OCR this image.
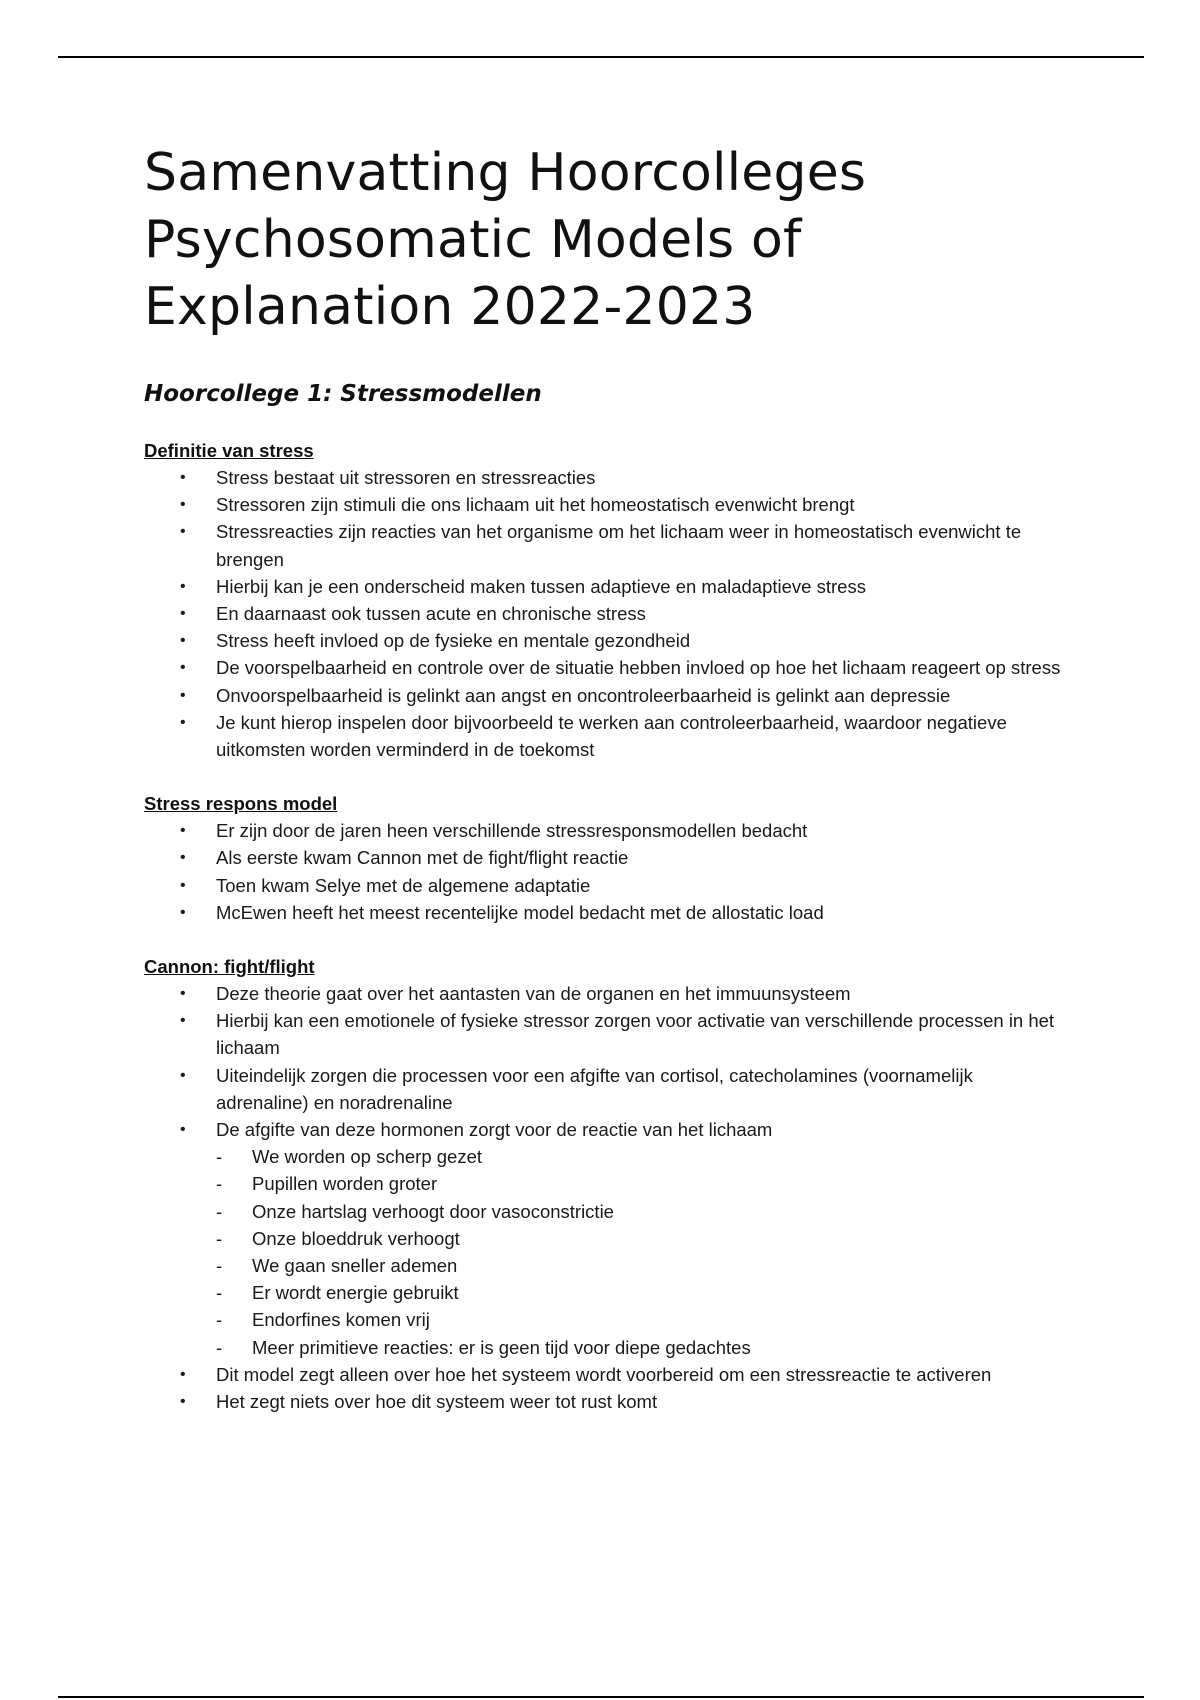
Samenvatting Hoorcolleges Psychosomatic Models of Explanation 2022-2023
Hoorcollege 1: Stressmodellen

Definitie van stress

• Stress bestaat uit stressoren en stressreacties
• Stressoren zijn stimuli die ons lichaam uit het homeostatisch evenwicht brengt
• Stressreacties zijn reacties van het organisme om het lichaam weer in homeostatisch evenwicht te brengen
• Hierbij kan je een onderscheid maken tussen adaptieve en maladaptieve stress
• En daarnaast ook tussen acute en chronische stress
• Stress heeft invloed op de fysieke en mentale gezondheid
• De voorspelbaarheid en controle over de situatie hebben invloed op hoe het lichaam reageert op stress
• Onvoorspelbaarheid is gelinkt aan angst en oncontroleerbaarheid is gelinkt aan depressie
• Je kunt hierop inspelen door bijvoorbeeld te werken aan controleerbaarheid, waardoor negatieve uitkomsten worden verminderd in de toekomst

Stress respons model

• Er zijn door de jaren heen verschillende stressresponsmodellen bedacht
• Als eerste kwam Cannon met de fight/flight reactie
• Toen kwam Selye met de algemene adaptatie
• McEwen heeft het meest recentelijke model bedacht met de allostatic load

Cannon: fight/flight

• Deze theorie gaat over het aantasten van de organen en het immuunsysteem
• Hierbij kan een emotionele of fysieke stressor zorgen voor activatie van verschillende processen in het lichaam
• Uiteindelijk zorgen die processen voor een afgifte van cortisol, catecholamines (voornamelijk adrenaline) en noradrenaline
• De afgifte van deze hormonen zorgt voor de reactie van het lichaam
- We worden op scherp gezet
- Pupillen worden groter
- Onze hartslag verhoogt door vasoconstrictie
- Onze bloeddruk verhoogt
- We gaan sneller ademen
- Er wordt energie gebruikt
- Endorfines komen vrij
- Meer primitieve reacties: er is geen tijd voor diepe gedachtes
• Dit model zegt alleen over hoe het systeem wordt voorbereid om een stressreactie te activeren
• Het zegt niets over hoe dit systeem weer tot rust komt
